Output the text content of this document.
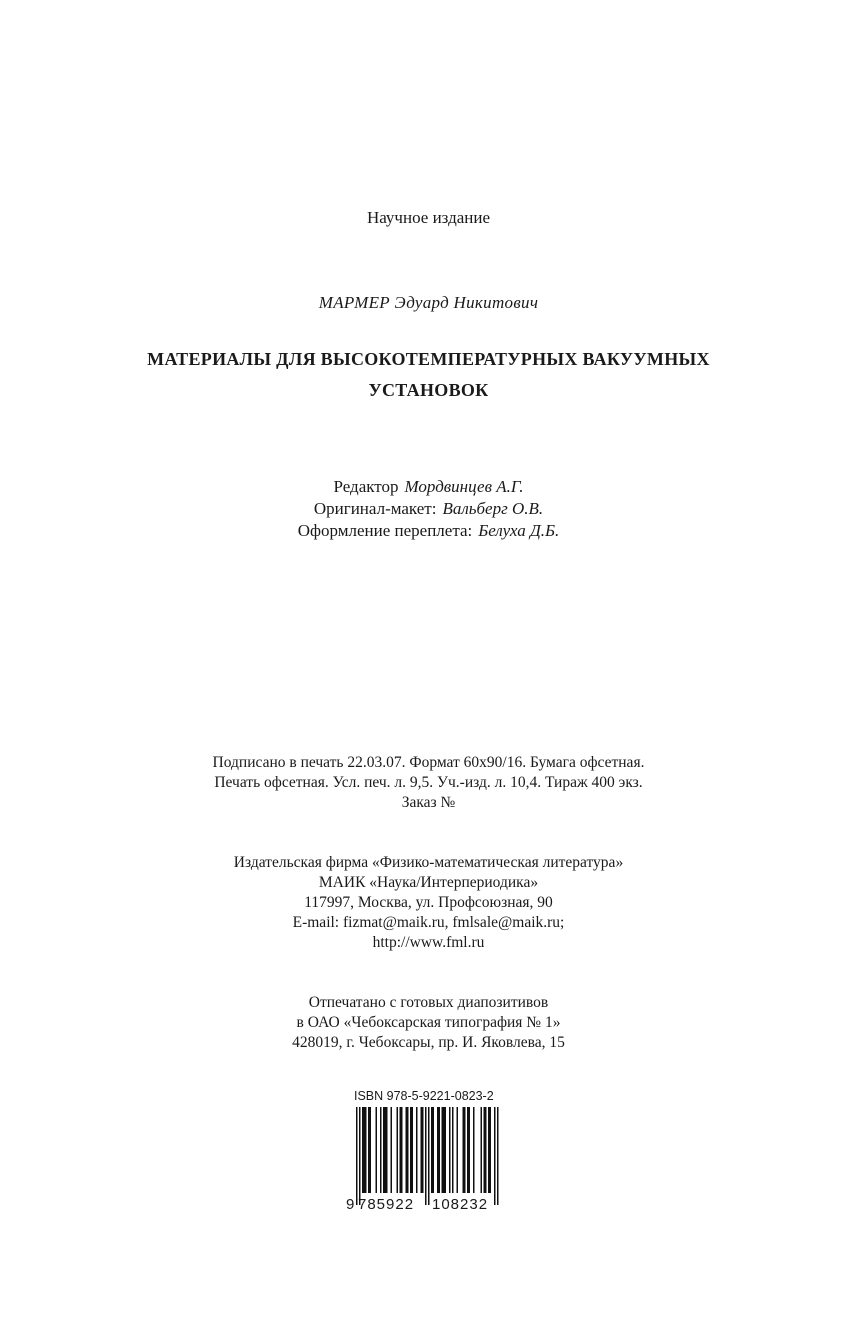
Научное издание
МАРМЕР Эдуард Никитович
МАТЕРИАЛЫ ДЛЯ ВЫСОКОТЕМПЕРАТУРНЫХ ВАКУУМНЫХ
УСТАНОВОК
Редактор Мордвинцев А.Г.
Оригинал-макет: Вальберг О.В.
Оформление переплета: Белуха Д.Б.
Подписано в печать 22.03.07. Формат 60x90/16. Бумага офсетная.
Печать офсетная. Усл. печ. л. 9,5. Уч.-изд. л. 10,4. Тираж 400 экз.
Заказ №
Издательская фирма «Физико-математическая литература»
МАИК «Наука/Интерпериодика»
117997, Москва, ул. Профсоюзная, 90
E-mail: fizmat@maik.ru, fmlsale@maik.ru;
http://www.fml.ru
Отпечатано с готовых диапозитивов
в ОАО «Чебоксарская типография № 1»
428019, г. Чебоксары, пр. И. Яковлева, 15
ISBN 978-5-9221-0823-2
9 785922 108232
